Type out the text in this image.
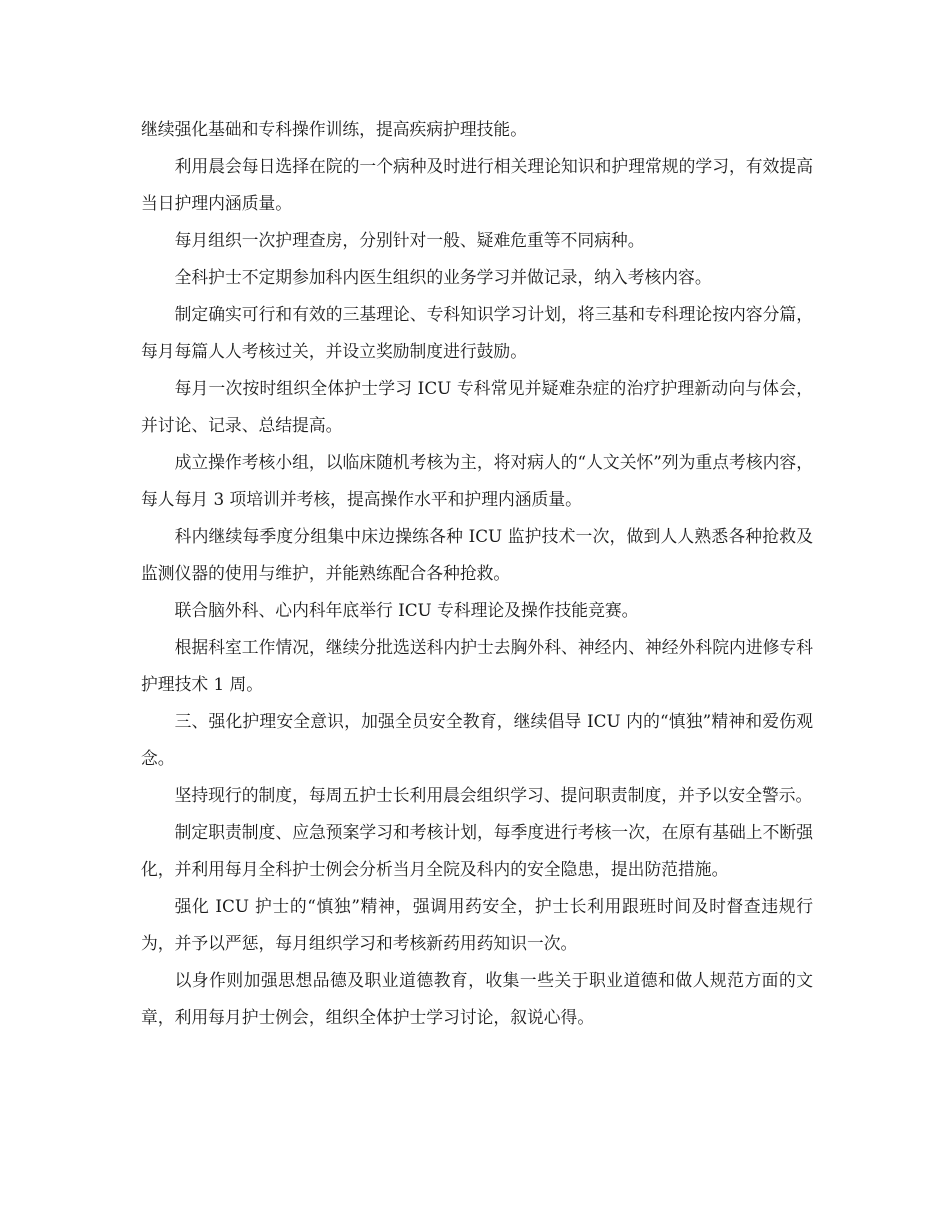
继续强化基础和专科操作训练，提高疾病护理技能。

利用晨会每日选择在院的一个病种及时进行相关理论知识和护理常规的学习，有效提高当日护理内涵质量。

每月组织一次护理查房，分别针对一般、疑难危重等不同病种。

全科护士不定期参加科内医生组织的业务学习并做记录，纳入考核内容。

制定确实可行和有效的三基理论、专科知识学习计划，将三基和专科理论按内容分篇，每月每篇人人考核过关，并设立奖励制度进行鼓励。

每月一次按时组织全体护士学习 ICU 专科常见并疑难杂症的治疗护理新动向与体会，并讨论、记录、总结提高。

成立操作考核小组，以临床随机考核为主，将对病人的“人文关怀”列为重点考核内容，每人每月 3 项培训并考核，提高操作水平和护理内涵质量。

科内继续每季度分组集中床边操练各种 ICU 监护技术一次，做到人人熟悉各种抢救及监测仪器的使用与维护，并能熟练配合各种抢救。

联合脑外科、心内科年底举行 ICU 专科理论及操作技能竞赛。

根据科室工作情况，继续分批选送科内护士去胸外科、神经内、神经外科院内进修专科护理技术 1 周。

三、强化护理安全意识，加强全员安全教育，继续倡导 ICU 内的“慎独”精神和爱伤观念。

坚持现行的制度，每周五护士长利用晨会组织学习、提问职责制度，并予以安全警示。

制定职责制度、应急预案学习和考核计划，每季度进行考核一次，在原有基础上不断强化，并利用每月全科护士例会分析当月全院及科内的安全隐患，提出防范措施。

强化 ICU 护士的“慎独”精神，强调用药安全，护士长利用跟班时间及时督查违规行为，并予以严惩，每月组织学习和考核新药用药知识一次。

以身作则加强思想品德及职业道德教育，收集一些关于职业道德和做人规范方面的文章，利用每月护士例会，组织全体护士学习讨论，叙说心得。
